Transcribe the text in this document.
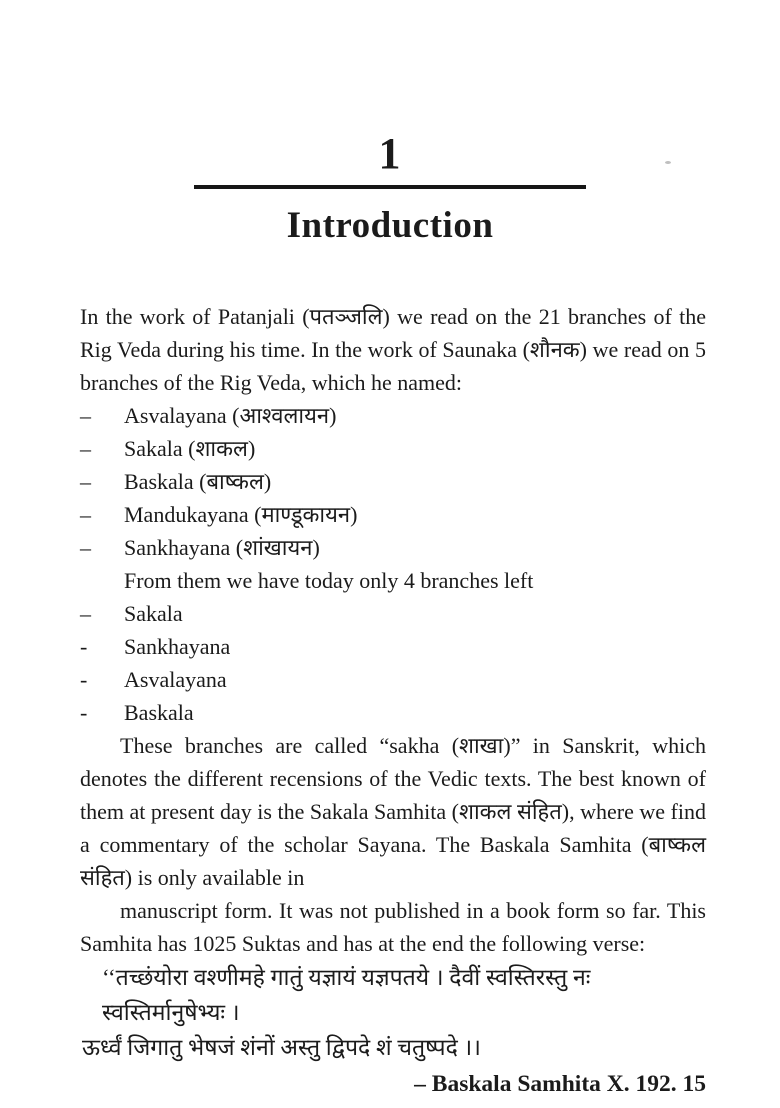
1
Introduction

In the work of Patanjali (पतञ्जलि) we read on the 21 branches of the Rig Veda during his time. In the work of Saunaka (शौनक) we read on 5 branches of the Rig Veda, which he named:

–	Asvalayana (आश्वलायन)
–	Sakala (शाकल)
–	Baskala (बाष्कल)
–	Mandukayana (माण्डूकायन)
–	Sankhayana (शांखायन)
From them we have today only 4 branches left
–	Sakala
-	Sankhayana
-	Asvalayana
-	Baskala

These branches are called “sakha (शाखा)” in Sanskrit, which denotes the different recensions of the Vedic texts. The best known of them at present day is the Sakala Samhita (शाकल संहित), where we find a commentary of the scholar Sayana. The Baskala Samhita (बाष्कल संहित) is only available in

manuscript form. It was not published in a book form so far. This Samhita has 1025 Suktas and has at the end the following verse:

‘‘तच्छंयोरा वश्णीमहे गातुं यज्ञायं यज्ञपतये । दैवीं स्वस्तिरस्तु नः स्वस्तिर्मानुषेभ्यः ।

ऊर्ध्वं जिगातु भेषजं शंनों अस्तु द्विपदे शं चतुष्पदे ।।

– Baskala Samhita X. 192. 15
